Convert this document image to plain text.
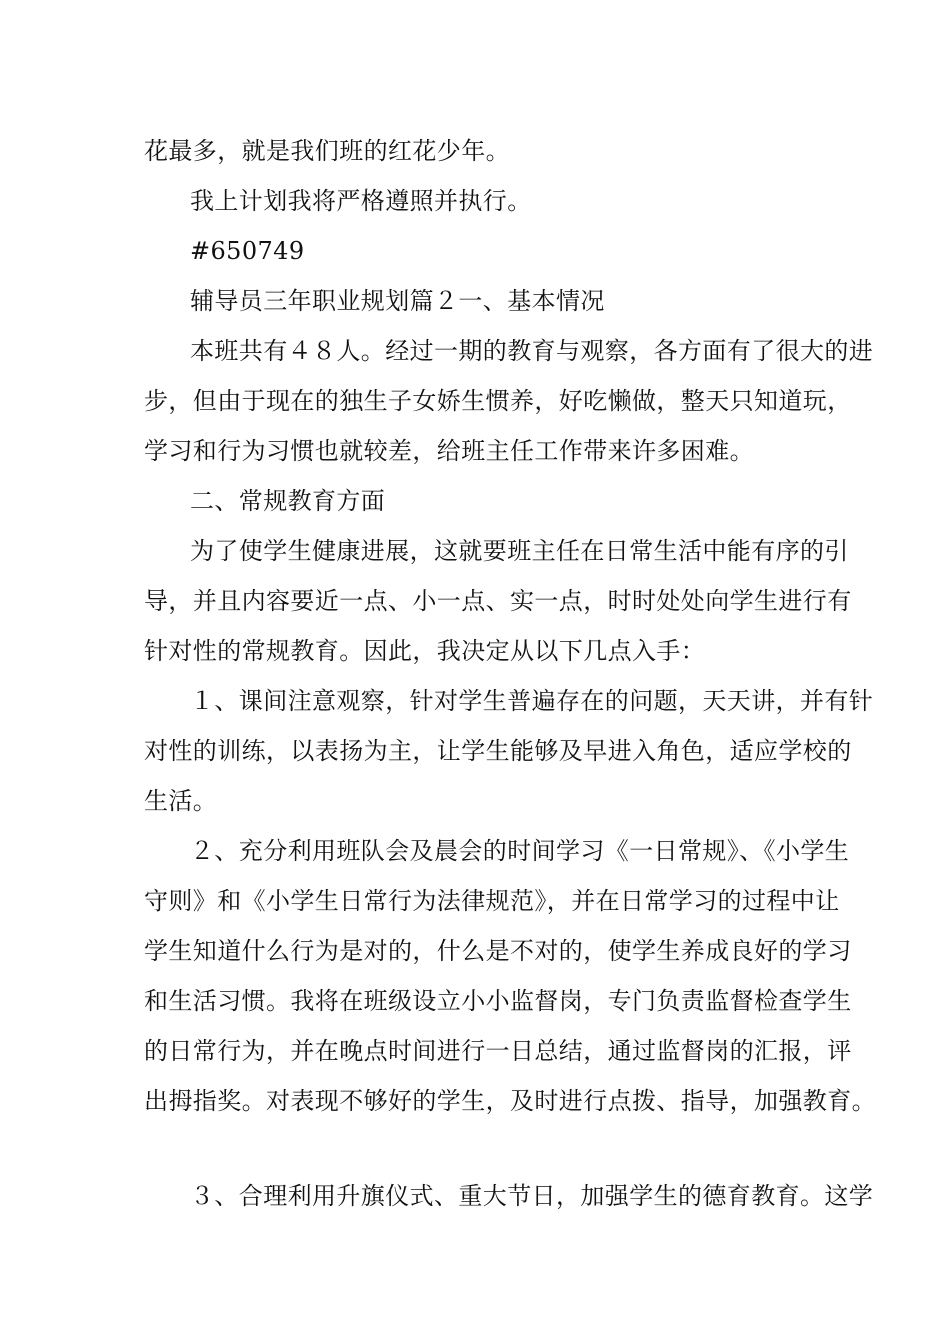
花最多，就是我们班的红花少年。
我上计划我将严格遵照并执行。
#650749
辅导员三年职业规划篇２一、基本情况
本班共有４８人。经过一期的教育与观察，各方面有了很大的进
步，但由于现在的独生子女娇生惯养，好吃懒做，整天只知道玩，
学习和行为习惯也就较差，给班主任工作带来许多困难。
二、常规教育方面
为了使学生健康进展，这就要班主任在日常生活中能有序的引
导，并且内容要近一点、小一点、实一点，时时处处向学生进行有
针对性的常规教育。因此，我决定从以下几点入手：
１、课间注意观察，针对学生普遍存在的问题，天天讲，并有针
对性的训练，以表扬为主，让学生能够及早进入角色，适应学校的
生活。
２、充分利用班队会及晨会的时间学习《一日常规》、《小学生
守则》和《小学生日常行为法律规范》，并在日常学习的过程中让
学生知道什么行为是对的，什么是不对的，使学生养成良好的学习
和生活习惯。我将在班级设立小小监督岗，专门负责监督检查学生
的日常行为，并在晚点时间进行一日总结，通过监督岗的汇报，评
出拇指奖。对表现不够好的学生，及时进行点拨、指导，加强教育。
３、合理利用升旗仪式、重大节日，加强学生的德育教育。这学
